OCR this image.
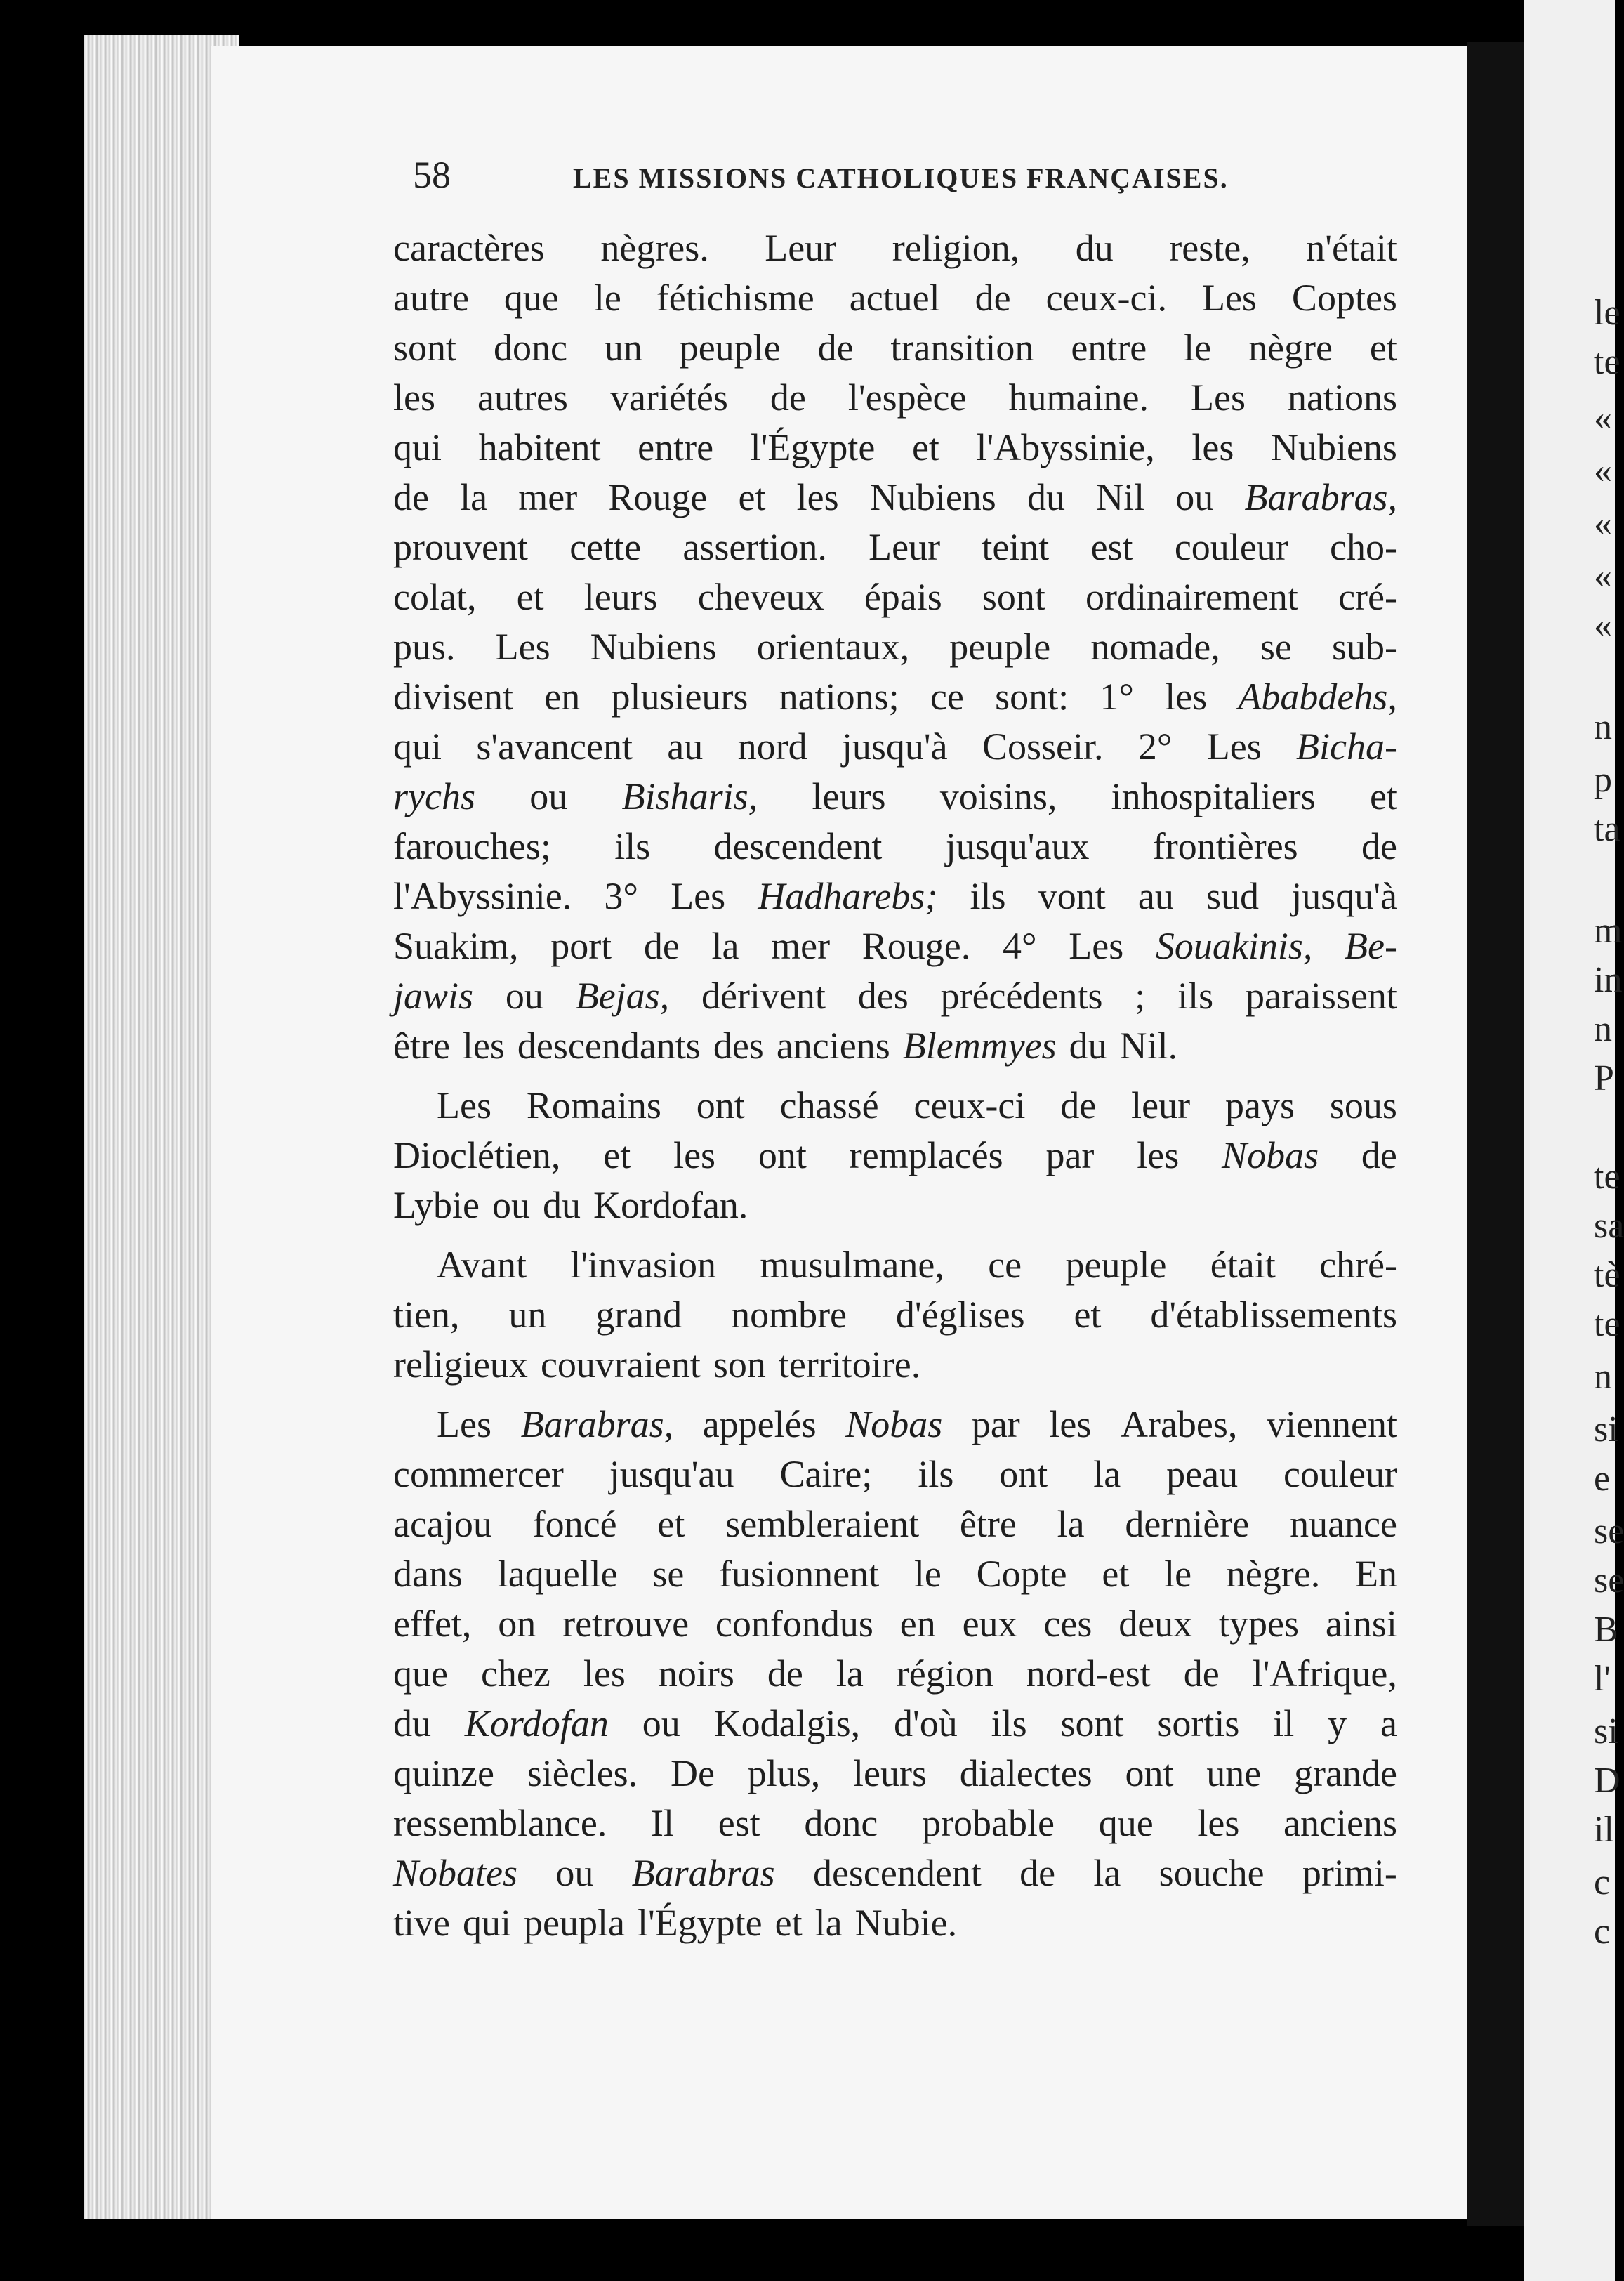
le
te
«
«
«
«
«
n
p
ta
m
in
n
P
te
sa
tè
te
n
si
e
se
se
B
l'
si
D
il
c
c
58	LES MISSIONS CATHOLIQUES FRANÇAISES.
caractères nègres. Leur religion, du reste, n'était
autre que le fétichisme actuel de ceux-ci. Les Coptes
sont donc un peuple de transition entre le nègre et
les autres variétés de l'espèce humaine. Les nations
qui habitent entre l'Égypte et l'Abyssinie, les Nubiens
de la mer Rouge et les Nubiens du Nil ou Barabras,
prouvent cette assertion. Leur teint est couleur cho-
colat, et leurs cheveux épais sont ordinairement cré-
pus. Les Nubiens orientaux, peuple nomade, se sub-
divisent en plusieurs nations; ce sont: 1° les Ababdehs,
qui s'avancent au nord jusqu'à Cosseir. 2° Les Bicha-
rychs ou Bisharis, leurs voisins, inhospitaliers et
farouches; ils descendent jusqu'aux frontières de
l'Abyssinie. 3° Les Hadharebs; ils vont au sud jusqu'à
Suakim, port de la mer Rouge. 4° Les Souakinis, Be-
jawis ou Bejas, dérivent des précédents ; ils paraissent
être les descendants des anciens Blemmyes du Nil.
Les Romains ont chassé ceux-ci de leur pays sous
Dioclétien, et les ont remplacés par les Nobas de
Lybie ou du Kordofan.
Avant l'invasion musulmane, ce peuple était chré-
tien, un grand nombre d'églises et d'établissements
religieux couvraient son territoire.
Les Barabras, appelés Nobas par les Arabes, viennent
commercer jusqu'au Caire; ils ont la peau couleur
acajou foncé et sembleraient être la dernière nuance
dans laquelle se fusionnent le Copte et le nègre. En
effet, on retrouve confondus en eux ces deux types ainsi
que chez les noirs de la région nord-est de l'Afrique,
du Kordofan ou Kodalgis, d'où ils sont sortis il y a
quinze siècles. De plus, leurs dialectes ont une grande
ressemblance. Il est donc probable que les anciens
Nobates ou Barabras descendent de la souche primi-
tive qui peupla l'Égypte et la Nubie.
